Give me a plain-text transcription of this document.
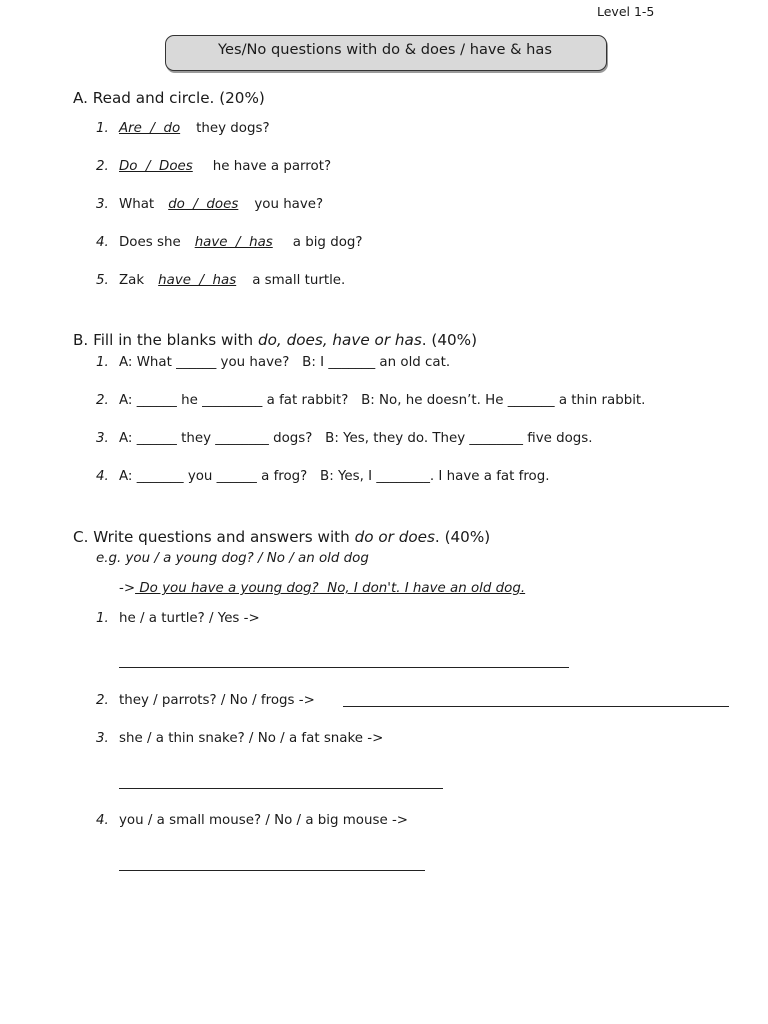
Level 1-5
Yes/No questions with do & does / have & has
A. Read and circle. (20%)
1. Are  /  do they dogs?
2. Do  /  Does he have a parrot?
3. What do  /  does you have?
4. Does she have  /  has a big dog?
5. Zak have  /  has a small turtle.
B. Fill in the blanks with do, does, have or has. (40%)
1. A: What ______ you have?   B: I _______ an old cat.
2. A: ______ he _________ a fat rabbit?   B: No, he doesn’t. He _______ a thin rabbit.
3. A: ______ they ________ dogs?   B: Yes, they do. They ________ five dogs.
4. A: _______ you ______ a frog?   B: Yes, I ________. I have a fat frog.
C. Write questions and answers with do or does. (40%)
e.g. you / a young dog? / No / an old dog
-> Do you have a young dog?  No, I don't. I have an old dog.
1. he / a turtle? / Yes ->
2. they / parrots? / No / frogs ->
3. she / a thin snake? / No / a fat snake ->
4. you / a small mouse? / No / a big mouse ->
